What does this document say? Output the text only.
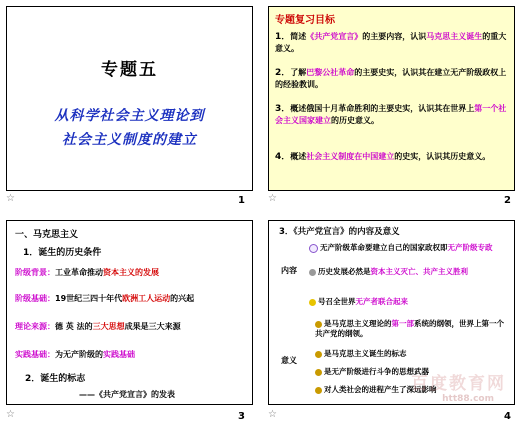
专题五
从科学社会主义理论到
社会主义制度的建立
☆	1
专题复习目标
1．简述《共产党宣言》的主要内容，认识马克思主义诞生的重大意义。
2．了解巴黎公社革命的主要史实，认识其在建立无产阶级政权上的经验教训。
3．概述俄国十月革命胜利的主要史实，认识其在世界上第一个社会主义国家建立的历史意义。
4．概述社会主义制度在中国建立的史实，认识其历史意义。
☆	2
一、马克思主义
1．诞生的历史条件
阶级背景：工业革命推动资本主义的发展
阶级基础：19世纪三四十年代欧洲工人运动的兴起
理论来源：德 英 法的三大思想成果是三大来源
实践基础：为无产阶级的实践基础
2．诞生的标志
——《共产党宣言》的发表
☆	3
3．《共产党宣言》的内容及意义
内容
无产阶级革命要建立自己的国家政权即无产阶级专政
历史发展必然是资本主义灭亡、共产主义胜利
号召全世界无产者联合起来
意义
是马克思主义理论的第一部系统的纲领，世界上第一个共产党的纲领。
是马克思主义诞生的标志
是无产阶级进行斗争的思想武器
对人类社会的进程产生了深远影响
百度教育网
htt88.com
☆	4
